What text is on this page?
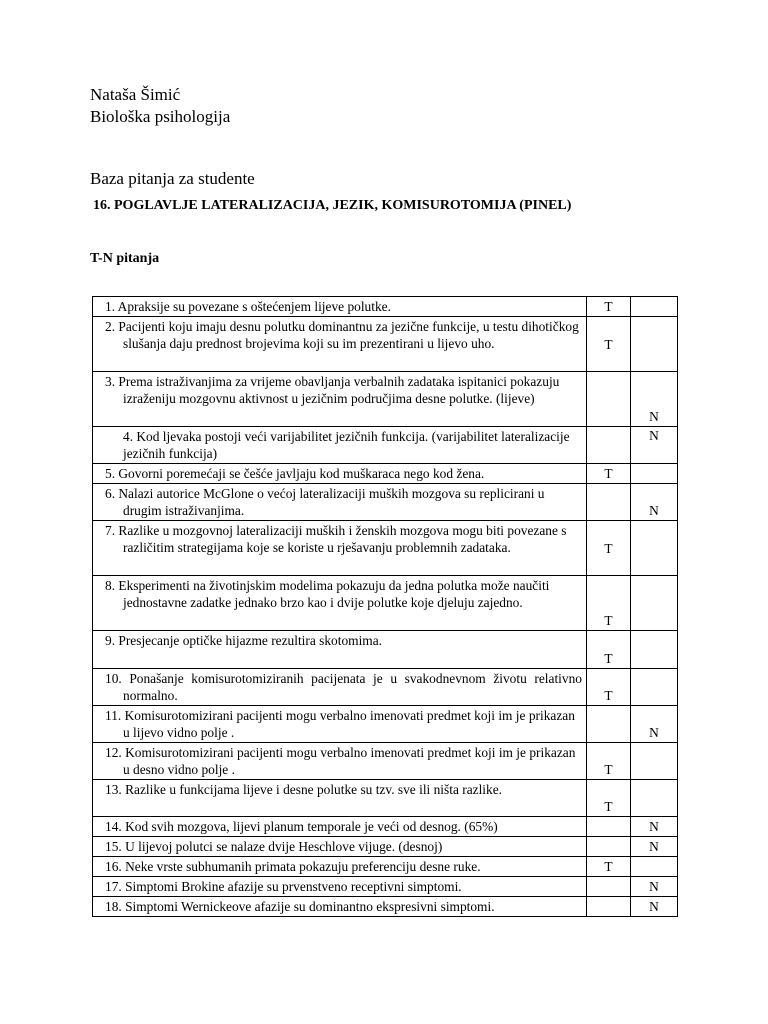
Nataša Šimić
Biološka psihologija
Baza pitanja za studente
16. POGLAVLJE LATERALIZACIJA, JEZIK, KOMISUROTOMIJA (PINEL)
T-N pitanja
1. Apraksije su povezane s oštećenjem lijeve polutke.	T	
2. Pacijenti koju imaju desnu polutku dominantnu za jezične funkcije, u testu dihotičkog slušanja daju prednost brojevima koji su im prezentirani u lijevo uho.	T	
3. Prema istraživanjima za vrijeme obavljanja verbalnih zadataka ispitanici pokazuju izraženiju mozgovnu aktivnost u jezičnim područjima desne polutke. (lijeve)		N
4. Kod ljevaka postoji veći varijabilitet jezičnih funkcija. (varijabilitet lateralizacije jezičnih funkcija)		N
5. Govorni poremećaji se češće javljaju kod muškaraca nego kod žena.	T	
6. Nalazi autorice McGlone o većoj lateralizaciji muških mozgova su replicirani u drugim istraživanjima.		N
7. Razlike u mozgovnoj lateralizaciji muških i ženskih mozgova mogu biti povezane s različitim strategijama koje se koriste u rješavanju problemnih zadataka.	T	
8. Eksperimenti na životinjskim modelima pokazuju da jedna polutka može naučiti jednostavne zadatke jednako brzo kao i dvije polutke koje djeluju zajedno.	T	
9. Presjecanje optičke hijazme rezultira skotomima.	T	
10. Ponašanje komisurotomiziranih pacijenata je u svakodnevnom životu relativno normalno.	T	
11. Komisurotomizirani pacijenti mogu verbalno imenovati predmet koji im je prikazan u lijevo vidno polje .		N
12. Komisurotomizirani pacijenti mogu verbalno imenovati predmet koji im je prikazan u desno vidno polje .	T	
13. Razlike u funkcijama lijeve i desne polutke su tzv. sve ili ništa razlike.	T	
14. Kod svih mozgova, lijevi planum temporale je veći od desnog. (65%)		N
15. U lijevoj polutci se nalaze dvije Heschlove vijuge. (desnoj)		N
16. Neke vrste subhumanih primata pokazuju preferenciju desne ruke.	T	
17. Simptomi Brokine afazije su prvenstveno receptivni simptomi.		N
18. Simptomi Wernickeove afazije su dominantno ekspresivni simptomi.		N
